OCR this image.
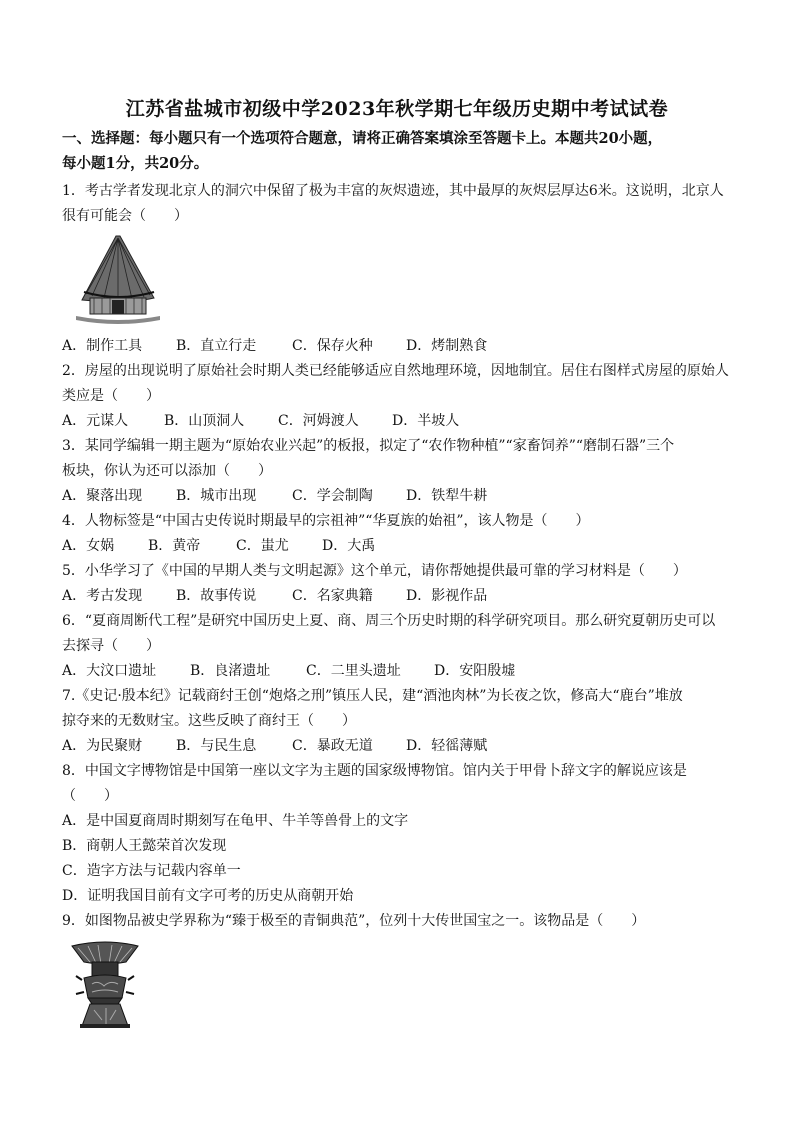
江苏省盐城市初级中学2023年秋学期七年级历史期中考试试卷
一、选择题：每小题只有一个选项符合题意，请将正确答案填涂至答题卡上。本题共20小题，
每小题1分，共20分。
1．考古学者发现北京人的洞穴中保留了极为丰富的灰烬遗迹，其中最厚的灰烬层厚达6米。这说明，北京人
很有可能会（　　）
A．制作工具 B．直立行走	C．保存火种 D．烤制熟食
2．房屋的出现说明了原始社会时期人类已经能够适应自然地理环境，因地制宜。居住右图样式房屋的原始人
类应是（　　）
A．元谋人	B．山顶洞人 C．河姆渡人 D．半坡人
3．某同学编辑一期主题为“原始农业兴起”的板报，拟定了“农作物种植”“家畜饲养”“磨制石器”三个
板块，你认为还可以添加（　　）
A．聚落出现 B．城市出现	C．学会制陶 D．铁犁牛耕
4．人物标签是“中国古史传说时期最早的宗祖神”“华夏族的始祖”，该人物是（　　）
A．女娲 B．黄帝	C．蚩尤 D．大禹
5．小华学习了《中国的早期人类与文明起源》这个单元，请你帮她提供最可靠的学习材料是（　　）
A．考古发现 B．故事传说	C．名家典籍 D．影视作品
6．“夏商周断代工程”是研究中国历史上夏、商、周三个历史时期的科学研究项目。那么研究夏朝历史可以
去探寻（　　）
A．大汶口遗址 B．良渚遗址	C．二里头遗址 D．安阳殷墟
7.《史记·殷本纪》记载商纣王创“炮烙之刑”镇压人民，建“酒池肉林”为长夜之饮，修高大“鹿台”堆放
掠夺来的无数财宝。这些反映了商纣王（　　）
A．为民聚财 B．与民生息	C．暴政无道 D．轻徭薄赋
8．中国文字博物馆是中国第一座以文字为主题的国家级博物馆。馆内关于甲骨卜辞文字的解说应该是
（　　）
A．是中国夏商周时期刻写在龟甲、牛羊等兽骨上的文字
B．商朝人王懿荣首次发现
C．造字方法与记载内容单一
D．证明我国目前有文字可考的历史从商朝开始
9．如图物品被史学界称为“臻于极至的青铜典范”，位列十大传世国宝之一。该物品是（　　）
